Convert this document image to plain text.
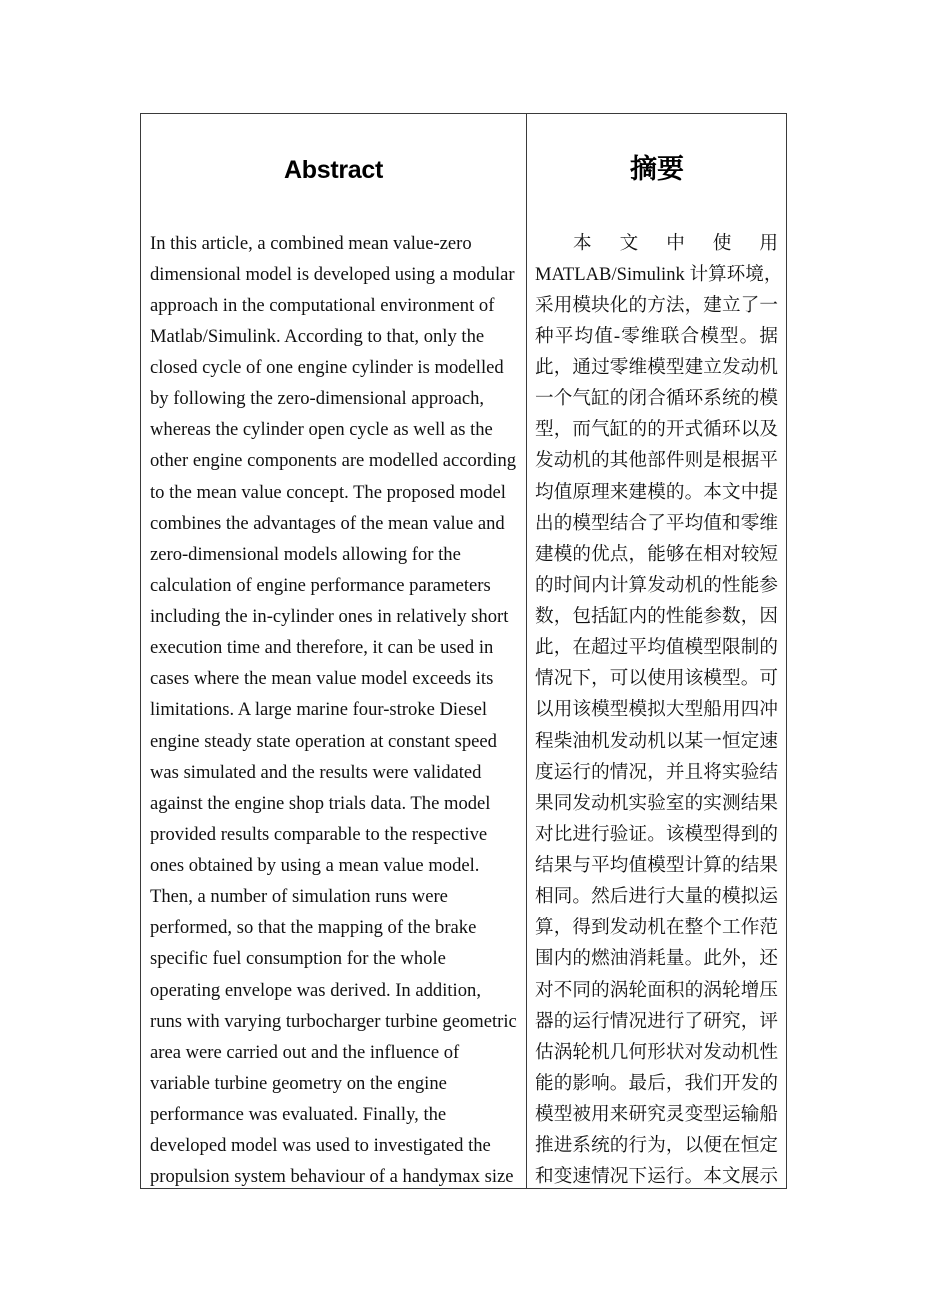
Abstract	摘要
In this article, a combined mean value-zero
dimensional model is developed using a modular
approach in the computational environment of
Matlab/Simulink. According to that, only the
closed cycle of one engine cylinder is modelled
by following the zero-dimensional approach,
whereas the cylinder open cycle as well as the
other engine components are modelled according
to the mean value concept. The proposed model
combines the advantages of the mean value and
zero-dimensional models allowing for the
calculation of engine performance parameters
including the in-cylinder ones in relatively short
execution time and therefore, it can be used in
cases where the mean value model exceeds its
limitations. A large marine four-stroke Diesel
engine steady state operation at constant speed
was simulated and the results were validated
against the engine shop trials data. The model
provided results comparable to the respective
ones obtained by using a mean value model.
Then, a number of simulation runs were
performed, so that the mapping of the brake
specific fuel consumption for the whole
operating envelope was derived. In addition,
runs with varying turbocharger turbine geometric
area were carried out and the influence of
variable turbine geometry on the engine
performance was evaluated. Finally, the
developed model was used to investigated the
propulsion system behaviour of a handymax size
本文中使用
MATLAB/Simulink 计算环境，
采用模块化的方法，建立了一
种平均值-零维联合模型。据
此，通过零维模型建立发动机
一个气缸的闭合循环系统的模
型，而气缸的的开式循环以及
发动机的其他部件则是根据平
均值原理来建模的。本文中提
出的模型结合了平均值和零维
建模的优点，能够在相对较短
的时间内计算发动机的性能参
数，包括缸内的性能参数，因
此，在超过平均值模型限制的
情况下，可以使用该模型。可
以用该模型模拟大型船用四冲
程柴油机发动机以某一恒定速
度运行的情况，并且将实验结
果同发动机实验室的实测结果
对比进行验证。该模型得到的
结果与平均值模型计算的结果
相同。然后进行大量的模拟运
算，得到发动机在整个工作范
围内的燃油消耗量。此外，还
对不同的涡轮面积的涡轮增压
器的运行情况进行了研究，评
估涡轮机几何形状对发动机性
能的影响。最后，我们开发的
模型被用来研究灵变型运输船
推进系统的行为，以便在恒定
和变速情况下运行。本文展示
